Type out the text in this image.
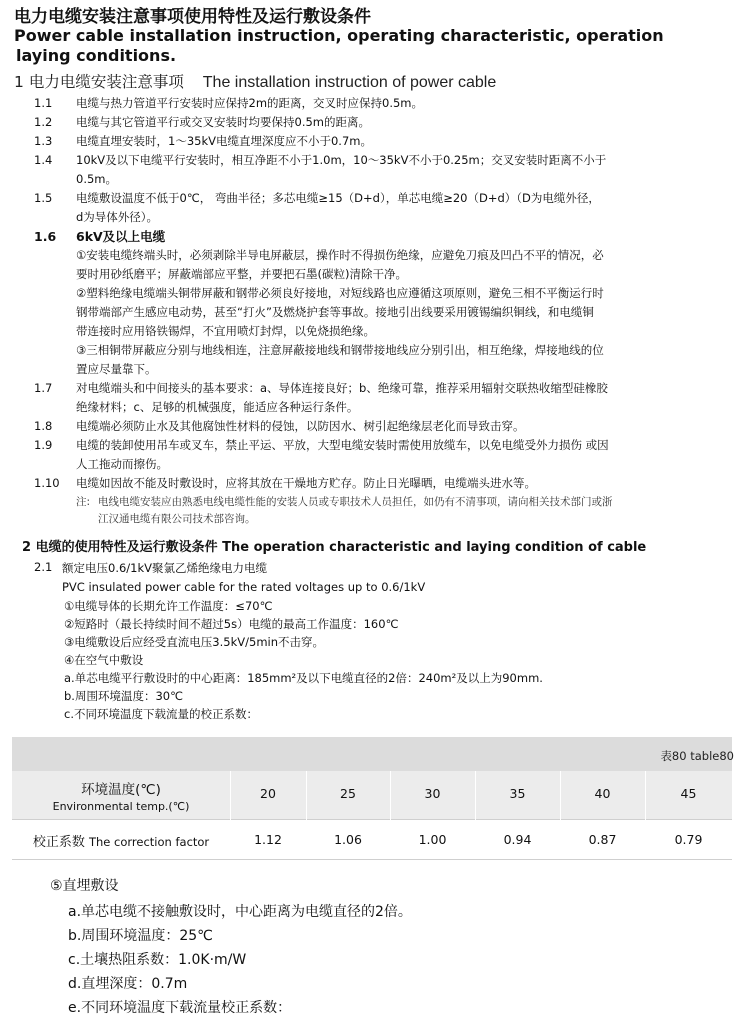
电力电缆安装注意事项使用特性及运行敷设条件
Power cable installation instruction, operating characteristic, operation
laying conditions.
1 电力电缆安装注意事项 The installation instruction of power cable
1.1 电缆与热力管道平行安装时应保持2m的距离，交叉时应保持0.5m。
1.2 电缆与其它管道平行或交叉安装时均要保持0.5m的距离。
1.3 电缆直埋安装时，1～35kV电缆直埋深度应不小于0.7m。
1.4 10kV及以下电缆平行安装时，相互净距不小于1.0m，10～35kV不小于0.25m；交叉安装时距离不小于
0.5m。
1.5 电缆敷设温度不低于0℃， 弯曲半径；多芯电缆≥15（D+d），单芯电缆≥20（D+d）（D为电缆外径，
d为导体外径）。
1.6 6kV及以上电缆
①安装电缆终端头时，必须剥除半导电屏蔽层，操作时不得损伤绝缘，应避免刀痕及凹凸不平的情况，必
要时用砂纸磨平；屏蔽端部应平整，并要把石墨(碳粒)清除干净。
②塑料绝缘电缆端头铜带屏蔽和钢带必须良好接地，对短线路也应遵循这项原则，避免三相不平衡运行时
钢带端部产生感应电动势，甚至“打火”及燃烧护套等事故。接地引出线要采用镀锡编织铜线，和电缆铜
带连接时应用铬铁锡焊，不宜用喷灯封焊，以免烧损绝缘。
③三相铜带屏蔽应分别与地线相连，注意屏蔽接地线和钢带接地线应分别引出，相互绝缘，焊接地线的位
置应尽量靠下。
1.7 对电缆端头和中间接头的基本要求：a、导体连接良好；b、绝缘可靠，推荐采用辐射交联热收缩型硅橡胶
绝缘材料；c、足够的机械强度，能适应各种运行条件。
1.8 电缆端必须防止水及其他腐蚀性材料的侵蚀，以防因水、树引起绝缘层老化而导致击穿。
1.9 电缆的装卸使用吊车或叉车，禁止平运、平放，大型电缆安装时需使用放缆车，以免电缆受外力损伤 或因
人工拖动而擦伤。
1.10 电缆如因故不能及时敷设时，应将其放在干燥地方贮存。防止日光曝晒，电缆端头进水等。
注: 电线电缆安装应由熟悉电线电缆性能的安装人员或专职技术人员担任，如仍有不清事项，请向相关技术部门或浙
江汉通电缆有限公司技术部咨询。
2 电缆的使用特性及运行敷设条件 The operation characteristic and laying condition of cable
2.1 额定电压0.6/1kV聚氯乙烯绝缘电力电缆
PVC insulated power cable for the rated voltages up to 0.6/1kV
①电缆导体的长期允许工作温度：≤70℃
②短路时（最长持续时间不超过5s）电缆的最高工作温度：160℃
③电缆敷设后应经受直流电压3.5kV/5min不击穿。
④在空气中敷设
a.单芯电缆平行敷设时的中心距离：185mm²及以下电缆直径的2倍：240m²及以上为90mm.
b.周围环境温度：30℃
c.不同环境温度下载流量的校正系数：
表80 table80
环境温度(℃)
Environmental temp.(℃)
20	25	30	35	40	45
校正系数 The correction factor	1.12	1.06	1.00	0.94	0.87	0.79
⑤直埋敷设
a.单芯电缆不接触敷设时，中心距离为电缆直径的2倍。
b.周围环境温度：25℃
c.土壤热阻系数：1.0K·m/W
d.直埋深度：0.7m
e.不同环境温度下载流量校正系数：
